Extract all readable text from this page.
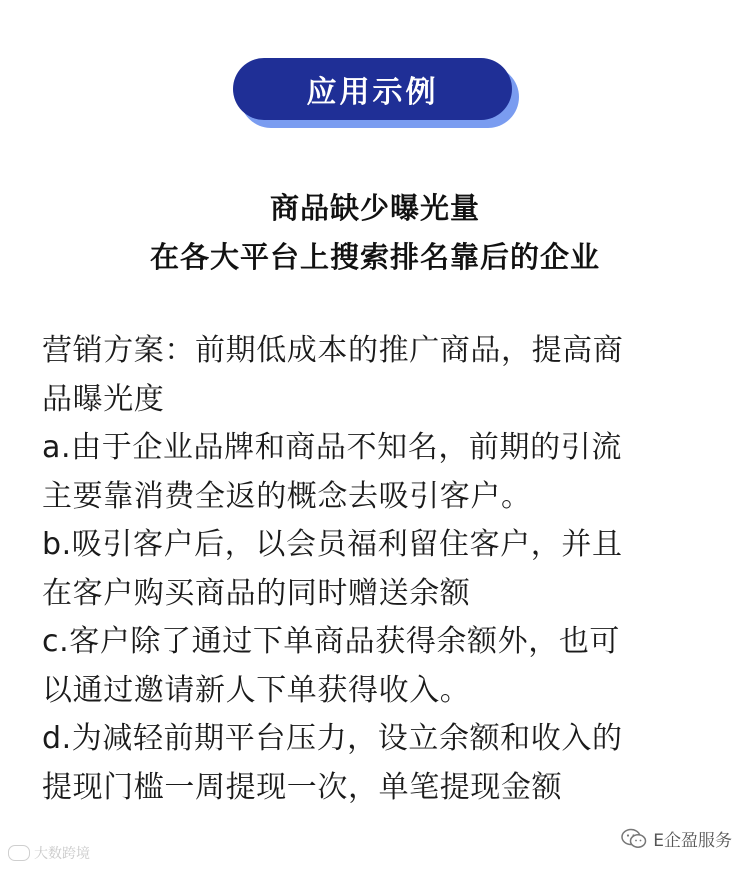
应用示例
商品缺少曝光量
在各大平台上搜索排名靠后的企业
营销方案：前期低成本的推广商品，提高商
品曝光度
a.由于企业品牌和商品不知名，前期的引流
主要靠消费全返的概念去吸引客户。
b.吸引客户后，以会员福利留住客户，并且
在客户购买商品的同时赠送余额
c.客户除了通过下单商品获得余额外，也可
以通过邀请新人下单获得收入。
d.为减轻前期平台压力，设立余额和收入的
提现门槛一周提现一次，单笔提现金额
大数跨境
E企盈服务
